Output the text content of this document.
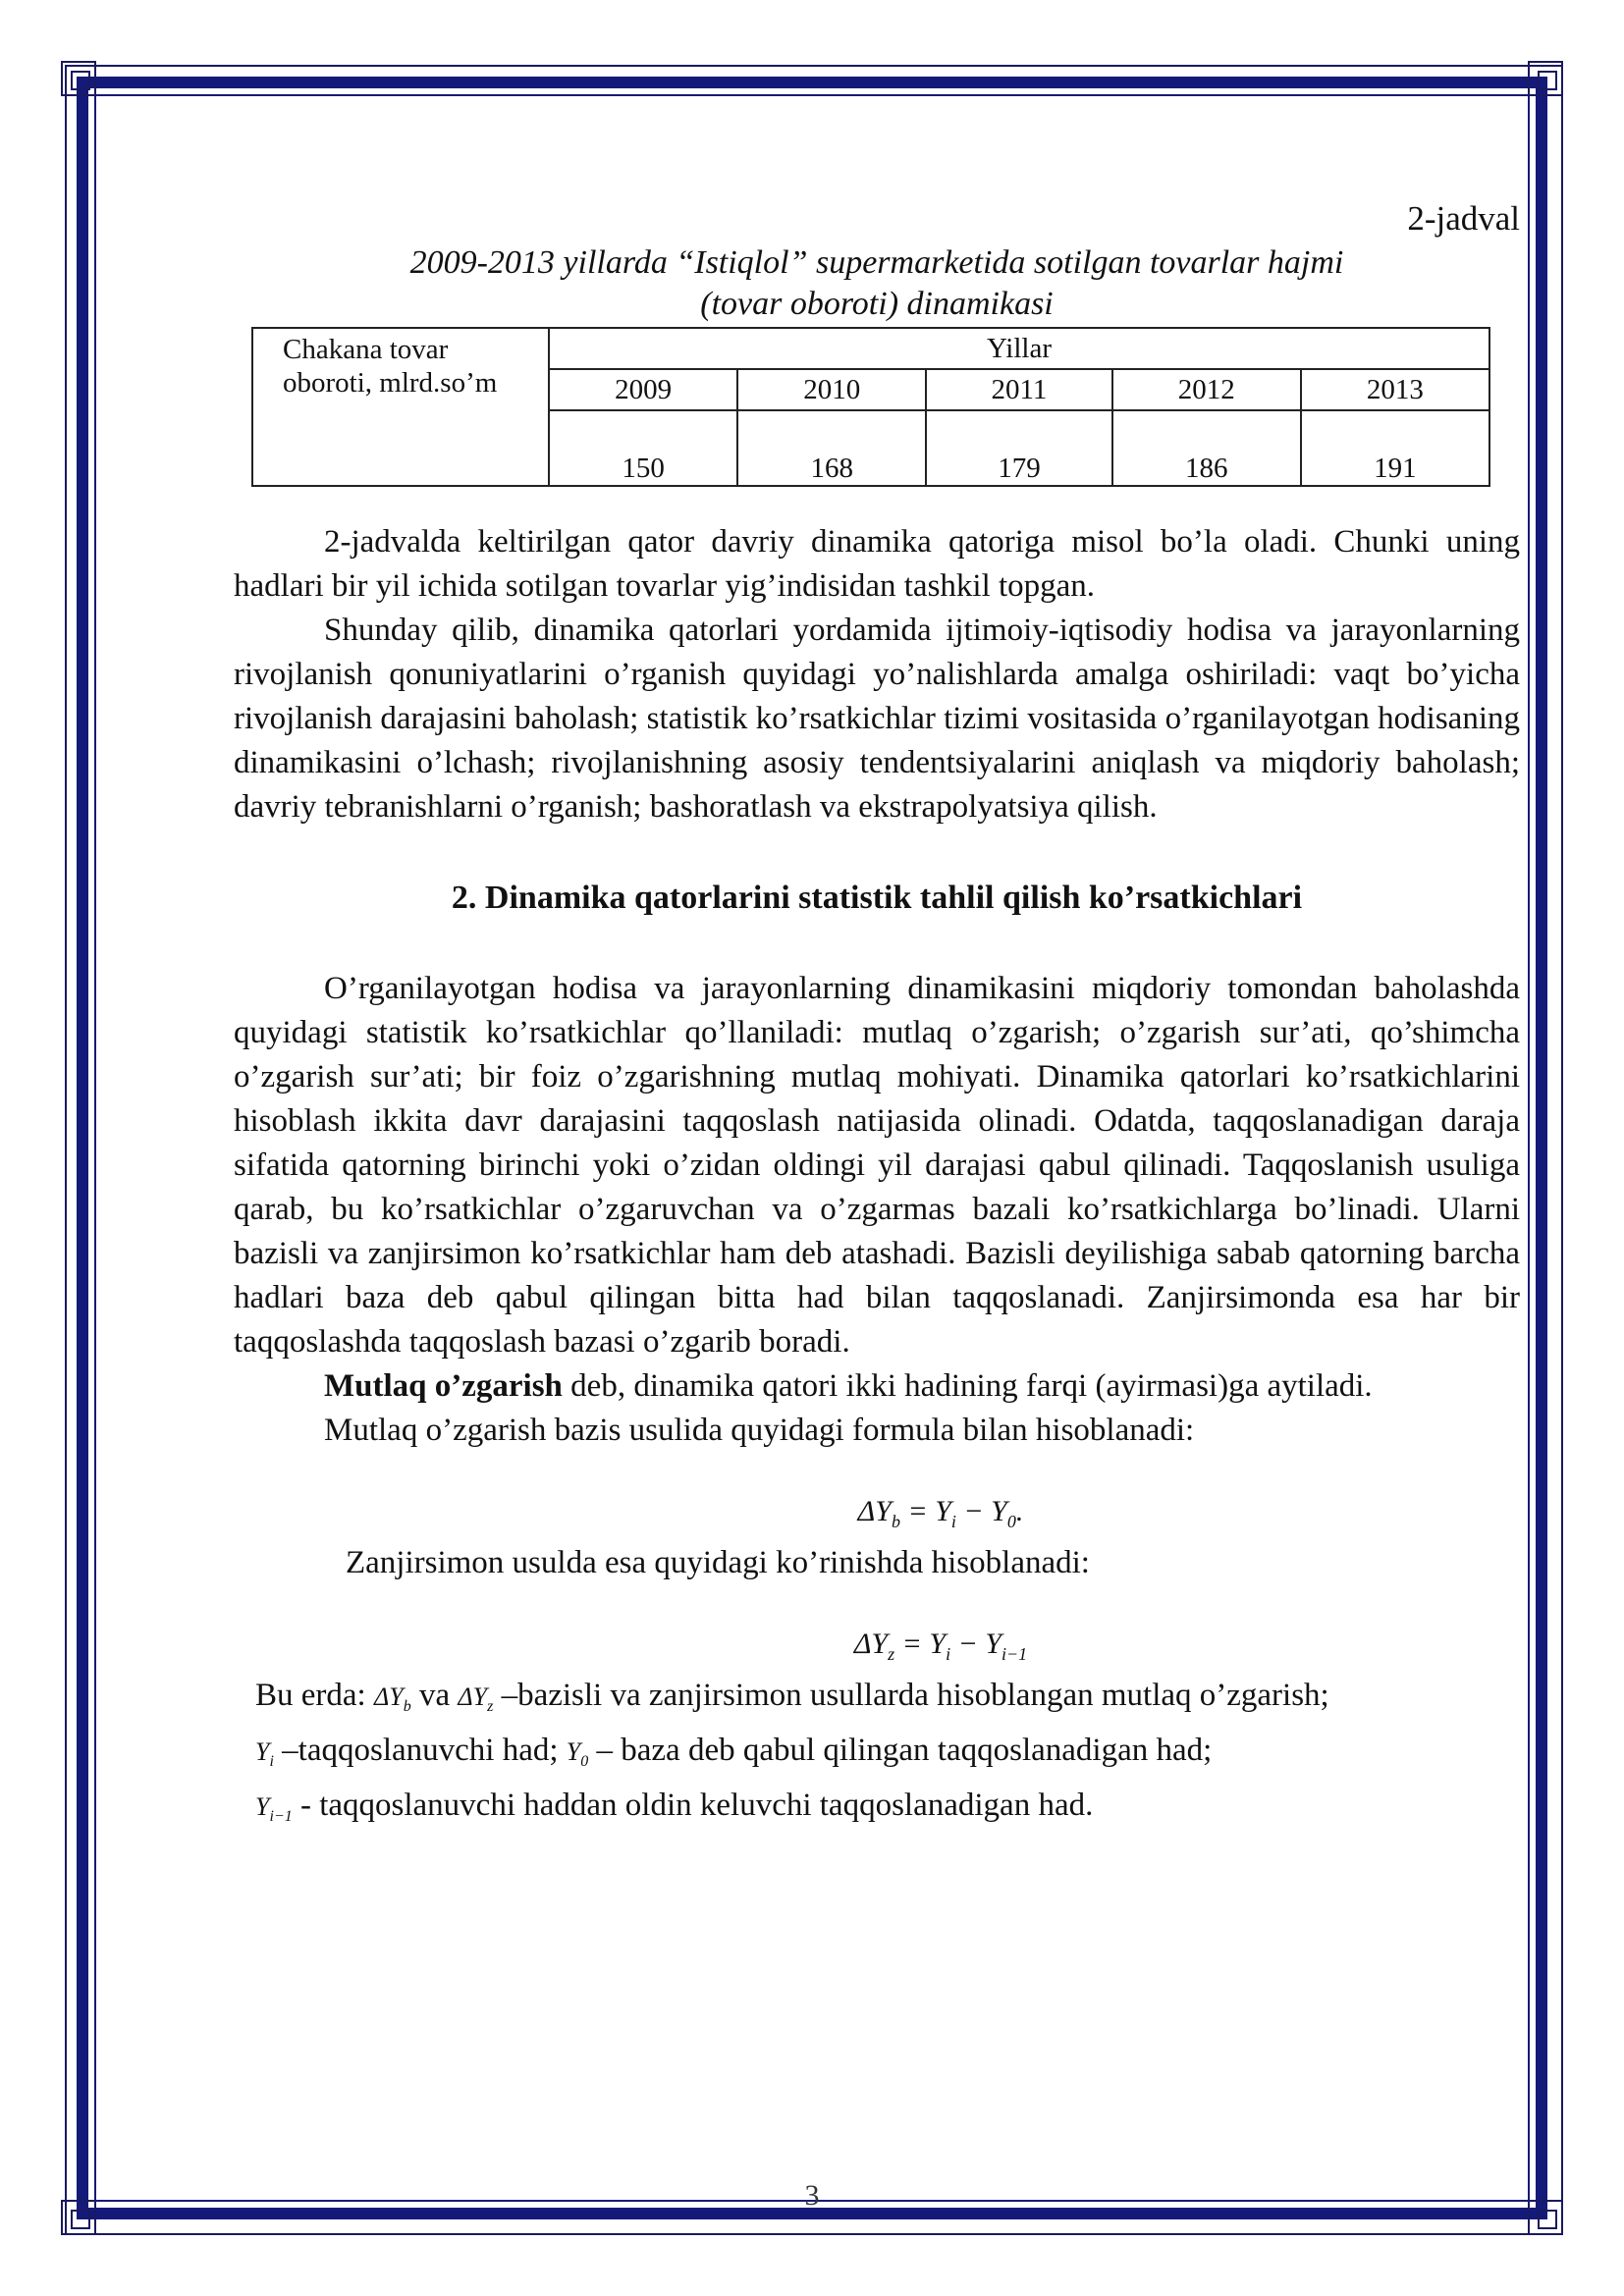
2-jadval
2009-2013 yillarda “Istiqlol” supermarketida sotilgan tovarlar hajmi
(tovar oboroti) dinamikasi
Chakana tovar oboroti, mlrd.so’m	Yillar				
	2009	2010	2011	2012	2013
	150	168	179	186	191

2-jadvalda keltirilgan qator davriy dinamika qatoriga misol bo’la oladi. Chunki uning hadlari bir yil ichida sotilgan tovarlar yig’indisidan tashkil topgan.

Shunday qilib, dinamika qatorlari yordamida ijtimoiy-iqtisodiy hodisa va jarayonlarning rivojlanish qonuniyatlarini o’rganish quyidagi yo’nalishlarda amalga oshiriladi: vaqt bo’yicha rivojlanish darajasini baholash; statistik ko’rsatkichlar tizimi vositasida o’rganilayotgan hodisaning dinamikasini o’lchash; rivojlanishning asosiy tendentsiyalarini aniqlash va miqdoriy baholash; davriy tebranishlarni o’rganish; bashoratlash va ekstrapolyatsiya qilish.

2. Dinamika qatorlarini statistik tahlil qilish ko’rsatkichlari

O’rganilayotgan hodisa va jarayonlarning dinamikasini miqdoriy tomondan baholashda quyidagi statistik ko’rsatkichlar qo’llaniladi: mutlaq o’zgarish; o’zgarish sur’ati, qo’shimcha o’zgarish sur’ati; bir foiz o’zgarishning mutlaq mohiyati. Dinamika qatorlari ko’rsatkichlarini hisoblash ikkita davr darajasini taqqoslash natijasida olinadi. Odatda, taqqoslanadigan daraja sifatida qatorning birinchi yoki o’zidan oldingi yil darajasi qabul qilinadi. Taqqoslanish usuliga qarab, bu ko’rsatkichlar o’zgaruvchan va o’zgarmas bazali ko’rsatkichlarga bo’linadi. Ularni bazisli va zanjirsimon ko’rsatkichlar ham deb atashadi. Bazisli deyilishiga sabab qatorning barcha hadlari baza deb qabul qilingan bitta had bilan taqqoslanadi. Zanjirsimonda esa har bir taqqoslashda taqqoslash bazasi o’zgarib boradi.

Mutlaq o’zgarish deb, dinamika qatori ikki hadining farqi (ayirmasi)ga aytiladi.

Mutlaq o’zgarish bazis usulida quyidagi formula bilan hisoblanadi:

$\Delta Y_b = Y_i - Y_0$.

Zanjirsimon usulda esa quyidagi ko’rinishda hisoblanadi:

$\Delta Y_z = Y_i - Y_{i-1}$

Bu erda: $\Delta Y_b$ va $\Delta Y_z$ –bazisli va zanjirsimon usullarda hisoblangan mutlaq o’zgarish;

$Y_i$ –taqqoslanuvchi had; $Y_0$ – baza deb qabul qilingan taqqoslanadigan had;

$Y_{i-1}$ - taqqoslanuvchi haddan oldin keluvchi taqqoslanadigan had.

3
